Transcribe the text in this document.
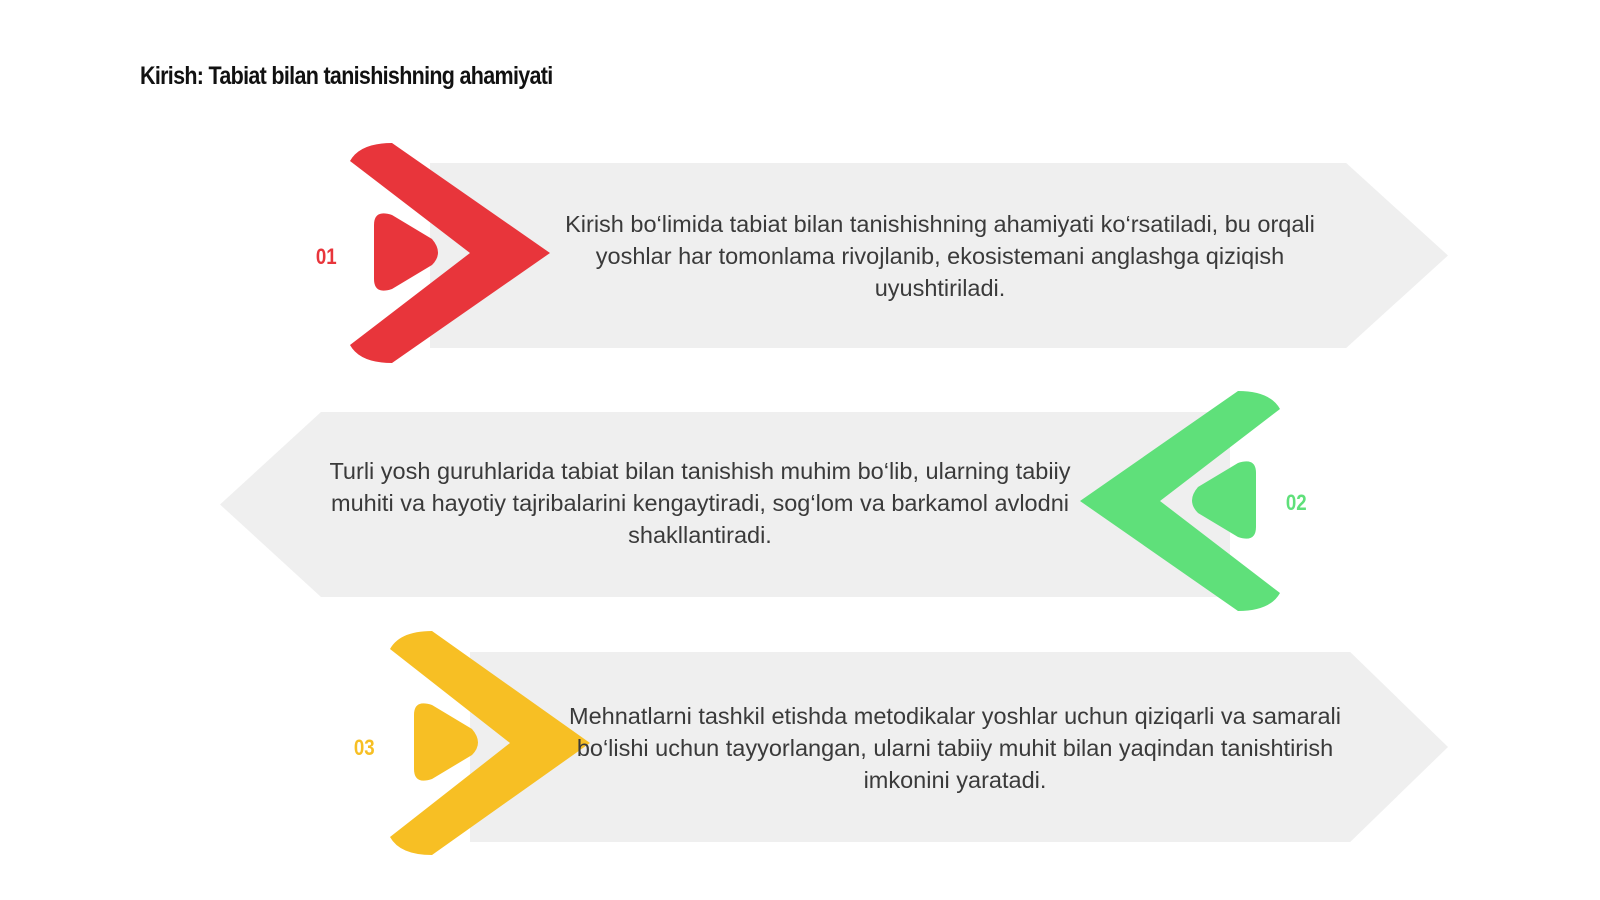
Kirish: Tabiat bilan tanishishning ahamiyati
01

Kirish bo‘limida tabiat bilan tanishishning ahamiyati ko‘rsatiladi, bu orqali yoshlar har tomonlama rivojlanib, ekosistemani anglashga qiziqish uyushtiriladi.

02

Turli yosh guruhlarida tabiat bilan tanishish muhim bo‘lib, ularning tabiiy muhiti va hayotiy tajribalarini kengaytiradi, sog‘lom va barkamol avlodni shakllantiradi.

03

Mehnatlarni tashkil etishda metodikalar yoshlar uchun qiziqarli va samarali bo‘lishi uchun tayyorlangan, ularni tabiiy muhit bilan yaqindan tanishtirish imkonini yaratadi.
